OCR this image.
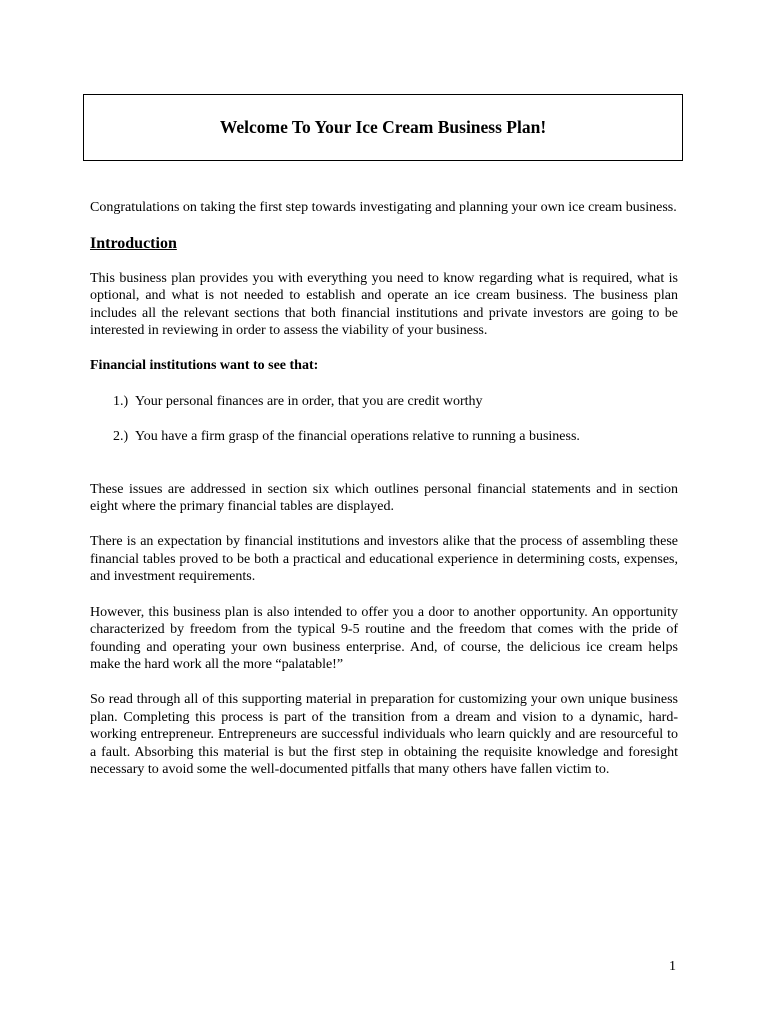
Welcome To Your Ice Cream Business Plan!

Congratulations on taking the first step towards investigating and planning your own ice cream business.

Introduction

This business plan provides you with everything you need to know regarding what is required, what is optional, and what is not needed to establish and operate an ice cream business. The business plan includes all the relevant sections that both financial institutions and private investors are going to be interested in reviewing in order to assess the viability of your business.

Financial institutions want to see that:

1.) Your personal finances are in order, that you are credit worthy
2.) You have a firm grasp of the financial operations relative to running a business.

These issues are addressed in section six which outlines personal financial statements and in section eight where the primary financial tables are displayed.

There is an expectation by financial institutions and investors alike that the process of assembling these financial tables proved to be both a practical and educational experience in determining costs, expenses, and investment requirements.

However, this business plan is also intended to offer you a door to another opportunity. An opportunity characterized by freedom from the typical 9-5 routine and the freedom that comes with the pride of founding and operating your own business enterprise. And, of course, the delicious ice cream helps make the hard work all the more “palatable!”

So read through all of this supporting material in preparation for customizing your own unique business plan. Completing this process is part of the transition from a dream and vision to a dynamic, hard-working entrepreneur. Entrepreneurs are successful individuals who learn quickly and are resourceful to a fault. Absorbing this material is but the first step in obtaining the requisite knowledge and foresight necessary to avoid some the well-documented pitfalls that many others have fallen victim to.

1
